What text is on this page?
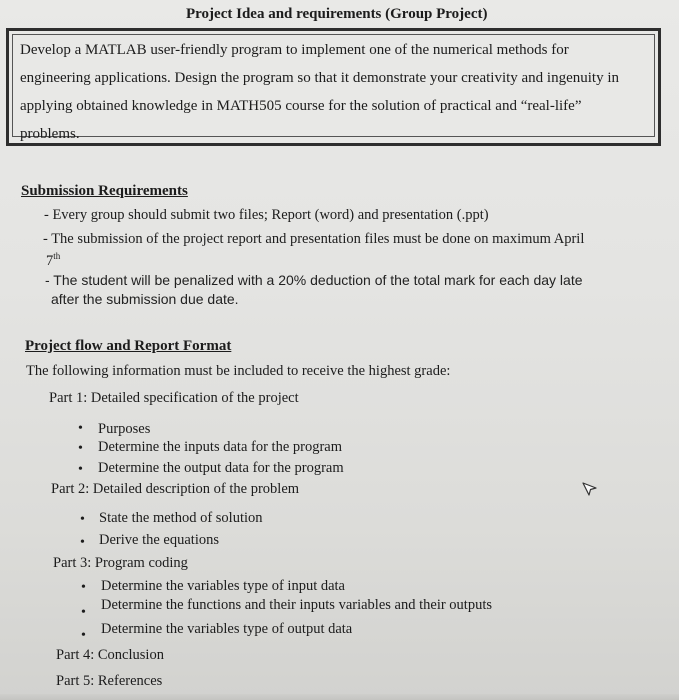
Project Idea and requirements (Group Project)
Develop a MATLAB user-friendly program to implement one of the numerical methods for
engineering applications. Design the program so that it demonstrate your creativity and ingenuity in
applying obtained knowledge in MATH505 course for the solution of practical and “real-life”
problems.
Submission Requirements
- Every group should submit two files; Report (word) and presentation (.ppt)
- The submission of the project report and presentation files must be done on maximum April
7th
- The student will be penalized with a 20% deduction of the total mark for each day late
after the submission due date.
Project flow and Report Format
The following information must be included to receive the highest grade:
Part 1: Detailed specification of the project
• Purposes
• Determine the inputs data for the program
• Determine the output data for the program
Part 2: Detailed description of the problem
• State the method of solution
• Derive the equations
Part 3: Program coding
• Determine the variables type of input data
• Determine the functions and their inputs variables and their outputs
• Determine the variables type of output data
Part 4: Conclusion
Part 5: References
